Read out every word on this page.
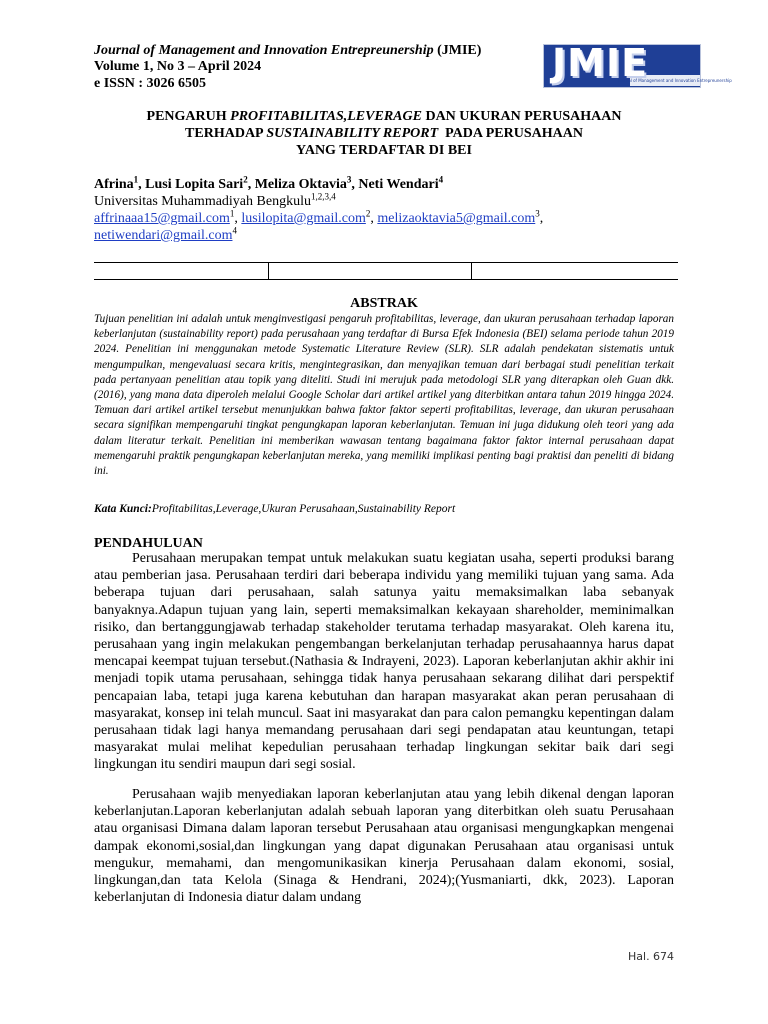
Journal of Management and Innovation Entrepreunership (JMIE)
Volume 1, No 3 – April 2024
e ISSN : 3026 6505	JMIE
Journal of Management and Innovation Entrepreunership
PENGARUH PROFITABILITAS,LEVERAGE DAN UKURAN PERUSAHAAN
TERHADAP SUSTAINABILITY REPORT  PADA PERUSAHAAN
YANG TERDAFTAR DI BEI
Afrina$^1$, Lusi Lopita Sari$^2$, Meliza Oktavia$^3$, Neti Wendari$^4$
Universitas Muhammadiyah Bengkulu$^{1,2,3,4}$
affrinaaa15@gmail.com$^1$, lusilopita@gmail.com$^2$, melizaoktavia5@gmail.com$^3$,
netiwendari@gmail.com$^4$
ABSTRAK
Tujuan penelitian ini adalah untuk menginvestigasi pengaruh profitabilitas, leverage, dan ukuran perusahaan terhadap laporan keberlanjutan (sustainability report) pada perusahaan yang terdaftar di Bursa Efek Indonesia (BEI) selama periode tahun 2019 2024. Penelitian ini menggunakan metode Systematic Literature Review (SLR). SLR adalah pendekatan sistematis untuk mengumpulkan, mengevaluasi secara kritis, mengintegrasikan, dan menyajikan temuan dari berbagai studi penelitian terkait pada pertanyaan penelitian atau topik yang diteliti. Studi ini merujuk pada metodologi SLR yang diterapkan oleh Guan dkk. (2016), yang mana data diperoleh melalui Google Scholar dari artikel artikel yang diterbitkan antara tahun 2019 hingga 2024. Temuan dari artikel artikel tersebut menunjukkan bahwa faktor faktor seperti profitabilitas, leverage, dan ukuran perusahaan secara signifikan mempengaruhi tingkat pengungkapan laporan keberlanjutan. Temuan ini juga didukung oleh teori yang ada dalam literatur terkait. Penelitian ini memberikan wawasan tentang bagaimana faktor faktor internal perusahaan dapat memengaruhi praktik pengungkapan keberlanjutan mereka, yang memiliki implikasi penting bagi praktisi dan peneliti di bidang ini.
Kata Kunci:Profitabilitas,Leverage,Ukuran Perusahaan,Sustainability Report
PENDAHULUAN
Perusahaan merupakan tempat untuk melakukan suatu kegiatan usaha, seperti produksi barang atau pemberian jasa. Perusahaan terdiri dari beberapa individu yang memiliki tujuan yang sama. Ada beberapa tujuan dari perusahaan, salah satunya yaitu memaksimalkan laba sebanyak banyaknya.Adapun tujuan yang lain, seperti memaksimalkan kekayaan shareholder, meminimalkan risiko, dan bertanggungjawab terhadap stakeholder terutama terhadap masyarakat. Oleh karena itu, perusahaan yang ingin melakukan pengembangan berkelanjutan terhadap perusahaannya harus dapat mencapai keempat tujuan tersebut.(Nathasia & Indrayeni, 2023). Laporan keberlanjutan akhir akhir ini menjadi topik utama perusahaan, sehingga tidak hanya perusahaan sekarang dilihat dari perspektif pencapaian laba, tetapi juga karena kebutuhan dan harapan masyarakat akan peran perusahaan di masyarakat, konsep ini telah muncul. Saat ini masyarakat dan para calon pemangku kepentingan dalam perusahaan tidak lagi hanya memandang perusahaan dari segi pendapatan atau keuntungan, tetapi masyarakat mulai melihat kepedulian perusahaan terhadap lingkungan sekitar baik dari segi lingkungan itu sendiri maupun dari segi sosial.
Perusahaan wajib menyediakan laporan keberlanjutan atau yang lebih dikenal dengan laporan keberlanjutan.Laporan keberlanjutan adalah sebuah laporan yang diterbitkan oleh suatu Perusahaan atau organisasi Dimana dalam laporan tersebut Perusahaan atau organisasi mengungkapkan mengenai dampak ekonomi,sosial,dan lingkungan yang dapat digunakan Perusahaan atau organisasi untuk mengukur, memahami, dan mengomunikasikan kinerja Perusahaan dalam ekonomi, sosial, lingkungan,dan tata Kelola (Sinaga & Hendrani, 2024);(Yusmaniarti, dkk, 2023). Laporan keberlanjutan di Indonesia diatur dalam undang
Hal. 674
